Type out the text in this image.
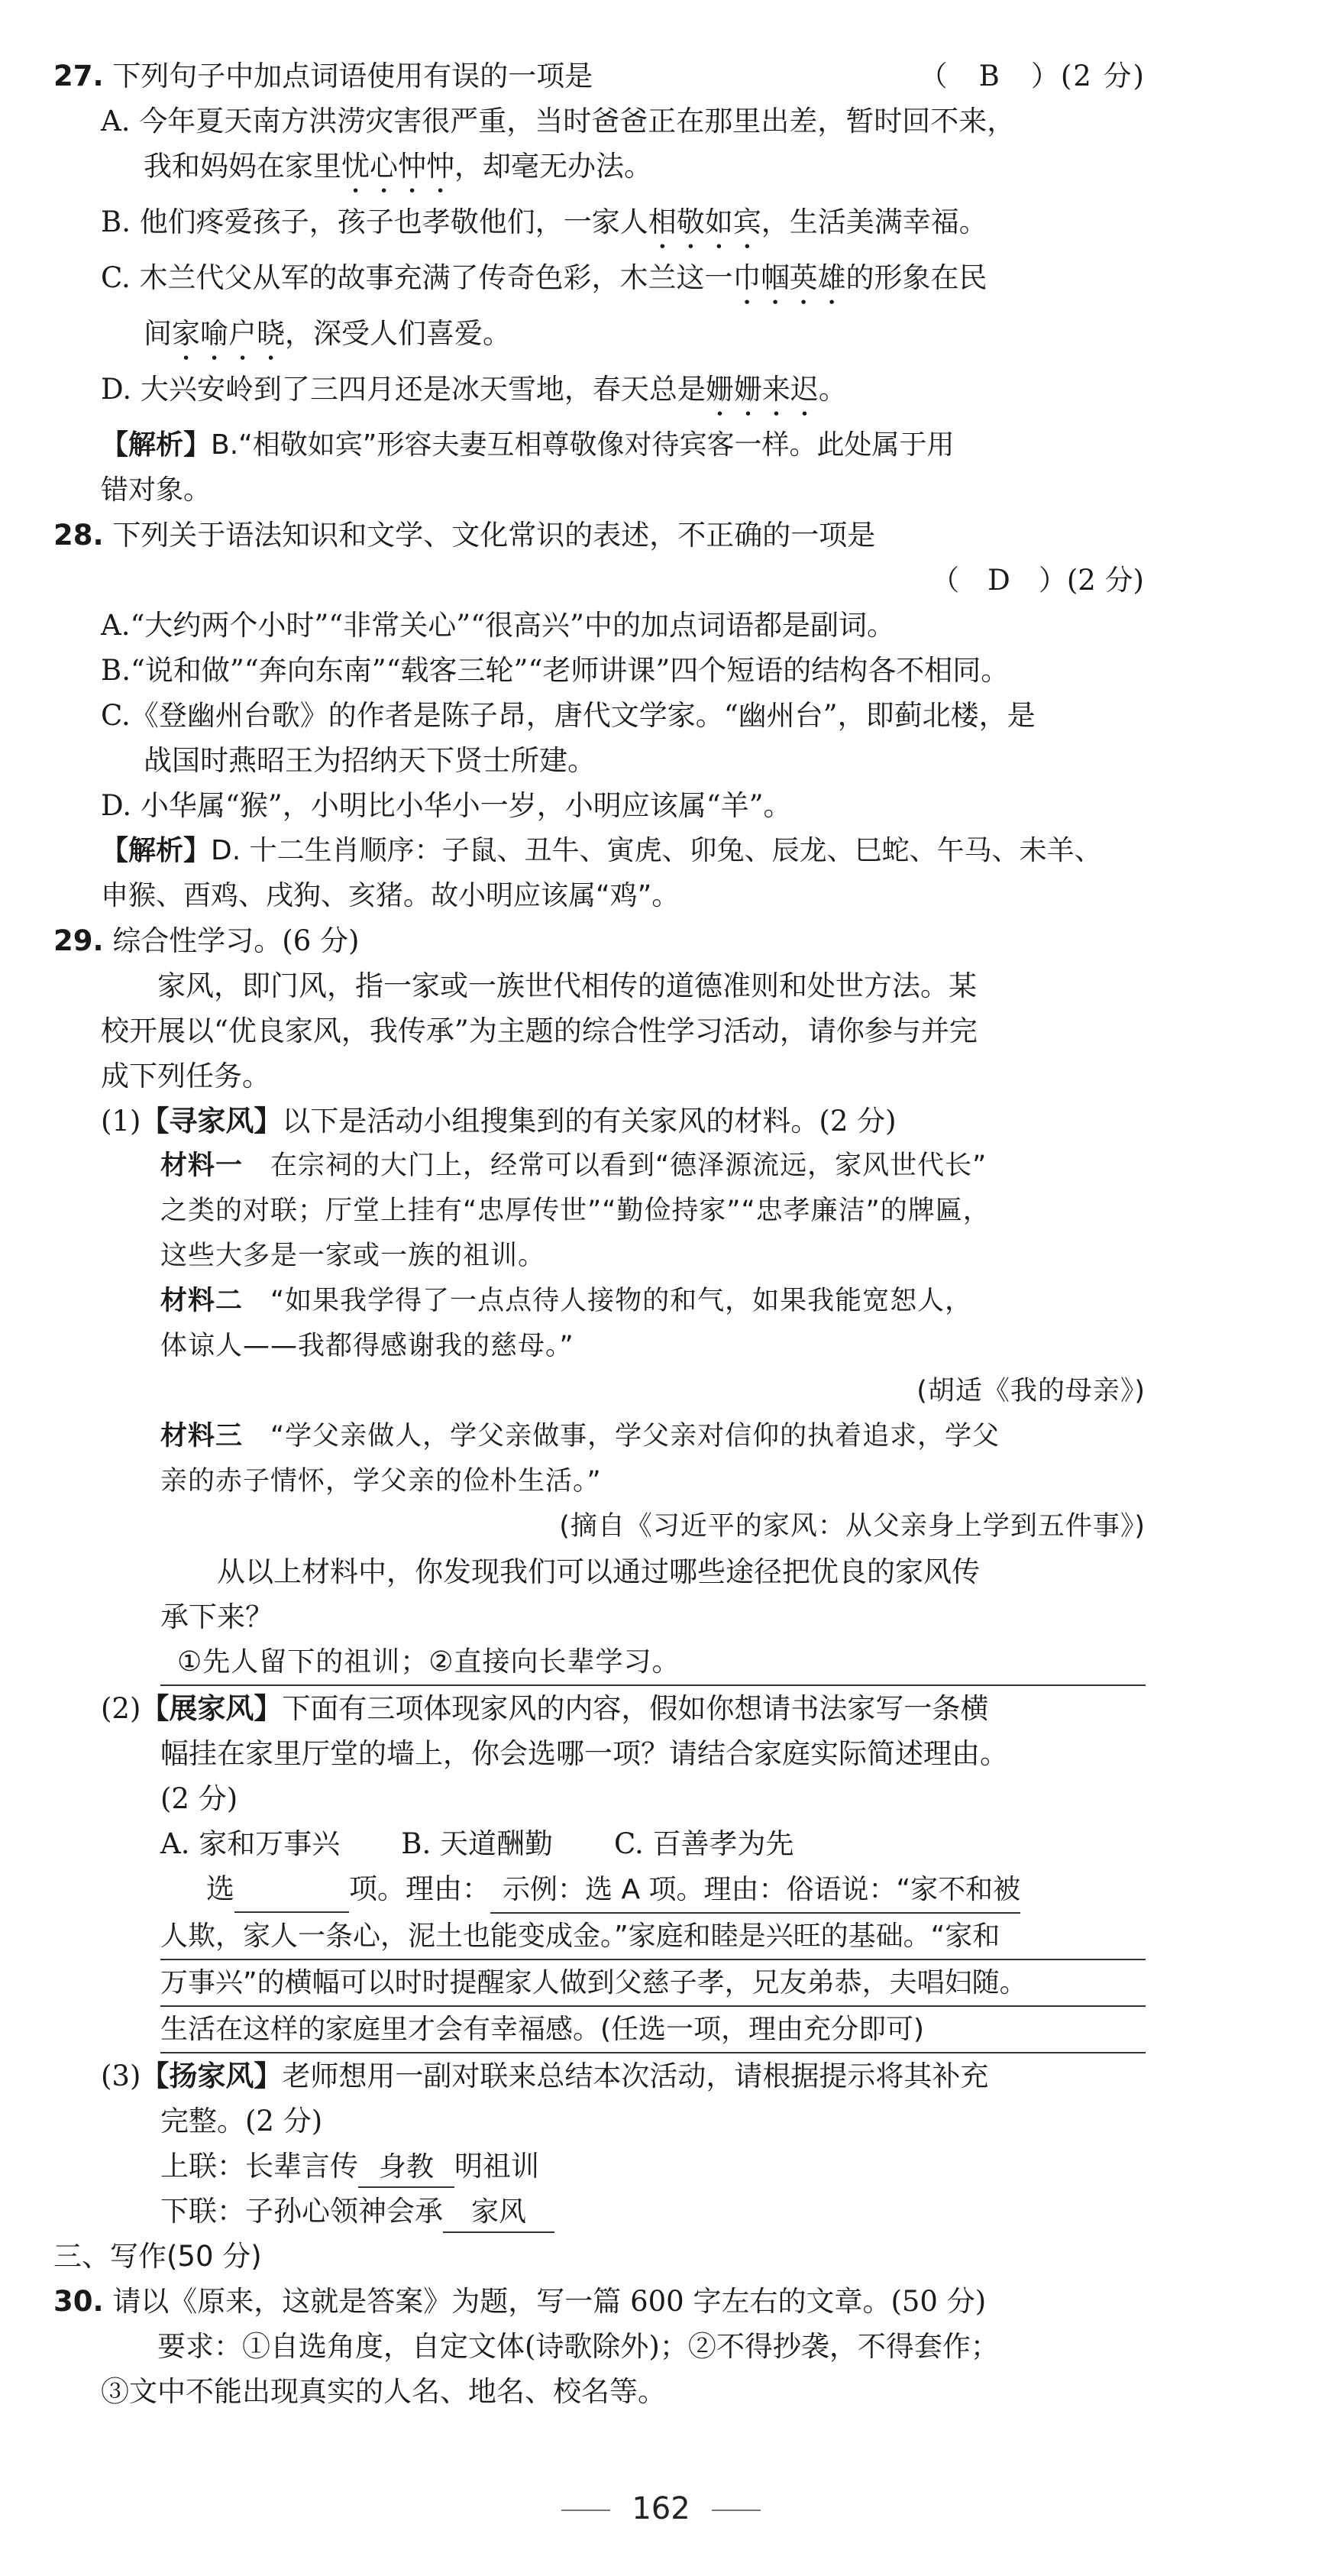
27. 下列句子中加点词语使用有误的一项是	（　B　）(2 分)
A. 今年夏天南方洪涝灾害很严重，当时爸爸正在那里出差，暂时回不来，
我和妈妈在家里忧心忡忡，却毫无办法。
B. 他们疼爱孩子，孩子也孝敬他们，一家人相敬如宾，生活美满幸福。
C. 木兰代父从军的故事充满了传奇色彩，木兰这一巾帼英雄的形象在民
间家喻户晓，深受人们喜爱。
D. 大兴安岭到了三四月还是冰天雪地，春天总是姗姗来迟。
【解析】B.“相敬如宾”形容夫妻互相尊敬像对待宾客一样。此处属于用
错对象。
28. 下列关于语法知识和文学、文化常识的表述，不正确的一项是
（　D　）(2 分)
A.“大约两个小时”“非常关心”“很高兴”中的加点词语都是副词。
B.“说和做”“奔向东南”“载客三轮”“老师讲课”四个短语的结构各不相同。
C.《登幽州台歌》的作者是陈子昂，唐代文学家。“幽州台”，即蓟北楼，是
战国时燕昭王为招纳天下贤士所建。
D. 小华属“猴”，小明比小华小一岁，小明应该属“羊”。
【解析】D. 十二生肖顺序：子鼠、丑牛、寅虎、卯兔、辰龙、巳蛇、午马、未羊、
申猴、酉鸡、戌狗、亥猪。故小明应该属“鸡”。
29. 综合性学习。(6 分)
家风，即门风，指一家或一族世代相传的道德准则和处世方法。某
校开展以“优良家风，我传承”为主题的综合性学习活动，请你参与并完
成下列任务。
(1)【寻家风】以下是活动小组搜集到的有关家风的材料。(2 分)
材料一　在宗祠的大门上，经常可以看到“德泽源流远，家风世代长”
之类的对联；厅堂上挂有“忠厚传世”“勤俭持家”“忠孝廉洁”的牌匾，
这些大多是一家或一族的祖训。
材料二　“如果我学得了一点点待人接物的和气，如果我能宽恕人，
体谅人——我都得感谢我的慈母。”
(胡适《我的母亲》)
材料三　“学父亲做人，学父亲做事，学父亲对信仰的执着追求，学父
亲的赤子情怀，学父亲的俭朴生活。”
(摘自《习近平的家风：从父亲身上学到五件事》)
从以上材料中，你发现我们可以通过哪些途径把优良的家风传
承下来？
①先人留下的祖训；②直接向长辈学习。
(2)【展家风】下面有三项体现家风的内容，假如你想请书法家写一条横
幅挂在家里厅堂的墙上，你会选哪一项？请结合家庭实际简述理由。
(2 分)
A. 家和万事兴 B. 天道酬勤 C. 百善孝为先
选	项。理由： 示例：选 A 项。理由：俗语说：“家不和被
人欺，家人一条心，泥土也能变成金。”家庭和睦是兴旺的基础。“家和
万事兴”的横幅可以时时提醒家人做到父慈子孝，兄友弟恭，夫唱妇随。
生活在这样的家庭里才会有幸福感。(任选一项，理由充分即可)
(3)【扬家风】老师想用一副对联来总结本次活动，请根据提示将其补充
完整。(2 分)
上联：长辈言传 身教 明祖训
下联：子孙心领神会承 家风
三、写作(50 分)
30. 请以《原来，这就是答案》为题，写一篇 600 字左右的文章。(50 分)
要求：①自选角度，自定文体(诗歌除外)；②不得抄袭，不得套作；
③文中不能出现真实的人名、地名、校名等。
162
